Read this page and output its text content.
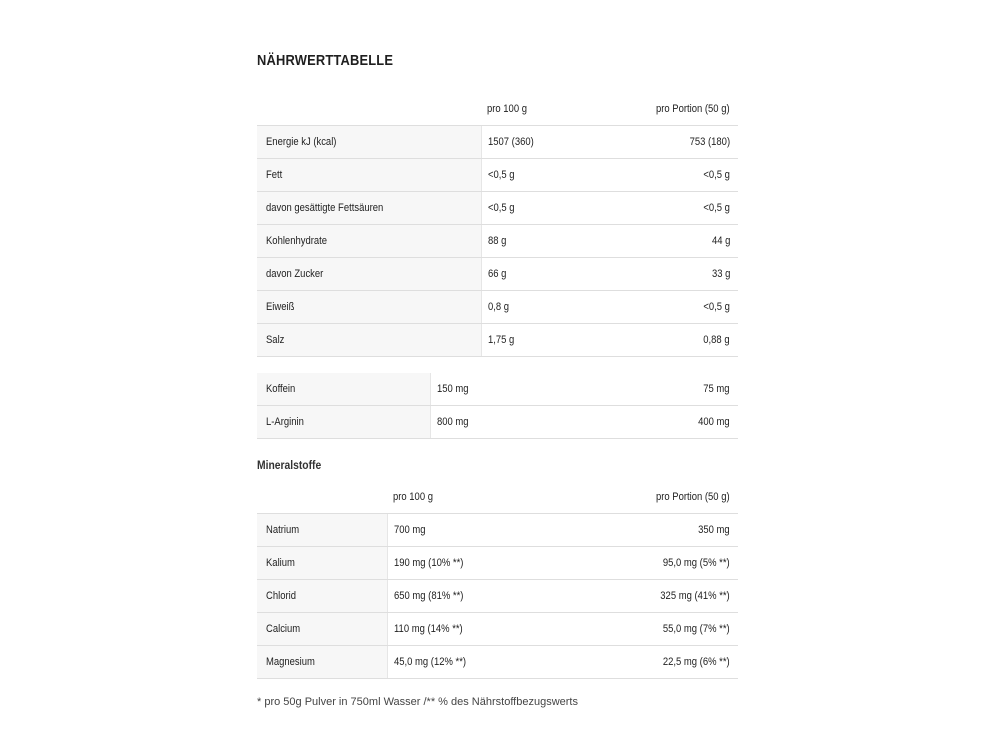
NÄHRWERTTABELLE
	pro 100 g	pro Portion (50 g)
Energie kJ (kcal)	1507 (360)	753 (180)
Fett	<0,5 g	<0,5 g
davon gesättigte Fettsäuren	<0,5 g	<0,5 g
Kohlenhydrate	88 g	44 g
davon Zucker	66 g	33 g
Eiweiß	0,8 g	<0,5 g
Salz	1,75 g	0,88 g
Koffein	150 mg	75 mg
L-Arginin	800 mg	400 mg
Mineralstoffe
	pro 100 g	pro Portion (50 g)
Natrium	700 mg	350 mg
Kalium	190 mg (10% **)	95,0 mg (5% **)
Chlorid	650 mg (81% **)	325 mg (41% **)
Calcium	110 mg (14% **)	55,0 mg (7% **)
Magnesium	45,0 mg (12% **)	22,5 mg (6% **)
* pro 50g Pulver in 750ml Wasser /** % des Nährstoffbezugswerts
